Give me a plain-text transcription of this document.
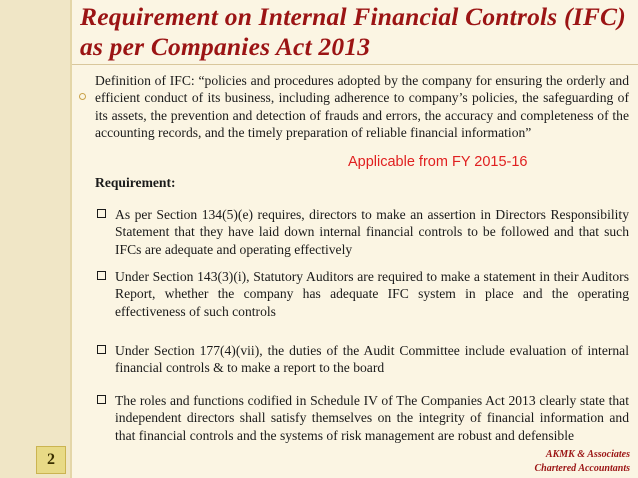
Requirement on Internal Financial Controls (IFC) as per Companies Act 2013

Definition of IFC: “policies and procedures adopted by the company for ensuring the orderly and efficient conduct of its business, including adherence to company’s policies, the safeguarding of its assets, the prevention and detection of frauds and errors, the accuracy and completeness of the accounting records, and the timely preparation of reliable financial information”

Applicable from FY 2015-16
Requirement:

As per Section 134(5)(e) requires, directors to make an assertion in Directors Responsibility Statement that they have laid down internal financial controls to be followed and that such IFCs are adequate and operating effectively

Under Section 143(3)(i), Statutory Auditors are required to make a statement in their Auditors Report, whether the company has adequate IFC system in place and the operating effectiveness of such controls

Under Section 177(4)(vii), the duties of the Audit Committee include evaluation of internal financial controls & to make a report to the board

The roles and functions codified in Schedule IV of The Companies Act 2013 clearly state that independent directors shall satisfy themselves on the integrity of financial information and that financial controls and the systems of risk management are robust and defensible

2	AKMK & Associates
Chartered Accountants
